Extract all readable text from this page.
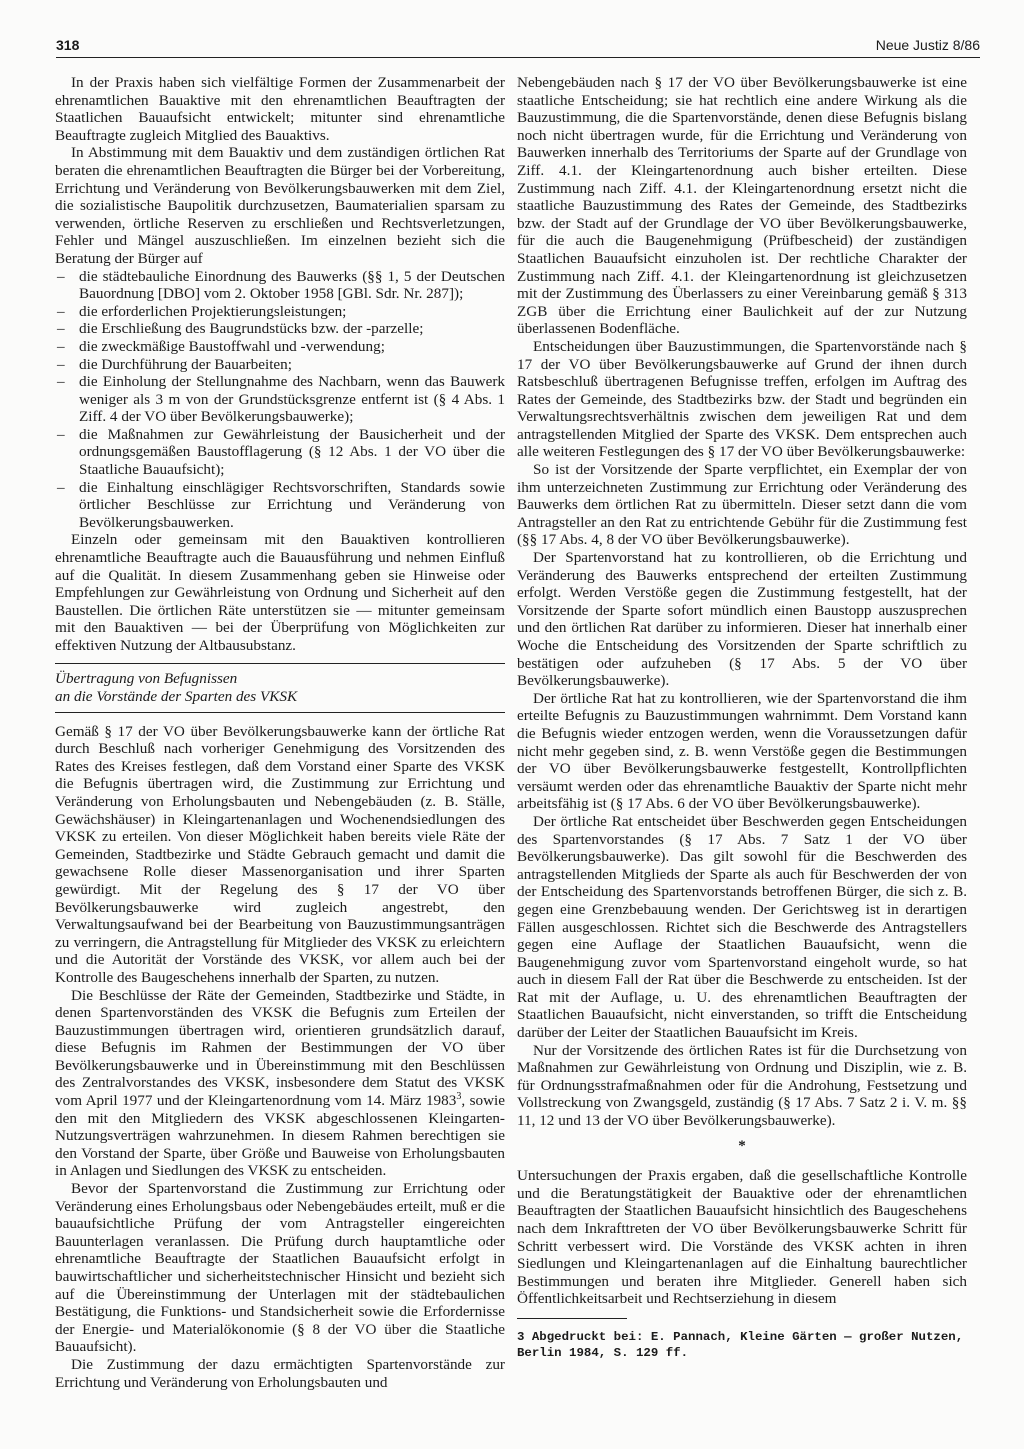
318	Neue Justiz 8/86

In der Praxis haben sich vielfältige Formen der Zusammenarbeit der ehrenamtlichen Bauaktive mit den ehrenamtlichen Beauftragten der Staatlichen Bauaufsicht entwickelt; mitunter sind ehrenamtliche Beauftragte zugleich Mitglied des Bauaktivs.

In Abstimmung mit dem Bauaktiv und dem zuständigen örtlichen Rat beraten die ehrenamtlichen Beauftragten die Bürger bei der Vorbereitung, Errichtung und Veränderung von Bevölkerungsbauwerken mit dem Ziel, die sozialistische Baupolitik durchzusetzen, Baumaterialien sparsam zu verwenden, örtliche Reserven zu erschließen und Rechtsverletzungen, Fehler und Mängel auszuschließen. Im einzelnen bezieht sich die Beratung der Bürger auf

– die städtebauliche Einordnung des Bauwerks (§§ 1, 5 der Deutschen Bauordnung [DBO] vom 2. Oktober 1958 [GBl. Sdr. Nr. 287]);
– die erforderlichen Projektierungsleistungen;
– die Erschließung des Baugrundstücks bzw. der -parzelle;
– die zweckmäßige Baustoffwahl und -verwendung;
– die Durchführung der Bauarbeiten;
– die Einholung der Stellungnahme des Nachbarn, wenn das Bauwerk weniger als 3 m von der Grundstücksgrenze entfernt ist (§ 4 Abs. 1 Ziff. 4 der VO über Bevölkerungsbauwerke);
– die Maßnahmen zur Gewährleistung der Bausicherheit und der ordnungsgemäßen Baustofflagerung (§ 12 Abs. 1 der VO über die Staatliche Bauaufsicht);
– die Einhaltung einschlägiger Rechtsvorschriften, Standards sowie örtlicher Beschlüsse zur Errichtung und Veränderung von Bevölkerungsbauwerken.

Einzeln oder gemeinsam mit den Bauaktiven kontrollieren ehrenamtliche Beauftragte auch die Bauausführung und nehmen Einfluß auf die Qualität. In diesem Zusammenhang geben sie Hinweise oder Empfehlungen zur Gewährleistung von Ordnung und Sicherheit auf den Baustellen. Die örtlichen Räte unterstützen sie — mitunter gemeinsam mit den Bauaktiven — bei der Überprüfung von Möglichkeiten zur effektiven Nutzung der Altbausubstanz.

Übertragung von Befugnissen
an die Vorstände der Sparten des VKSK

Gemäß § 17 der VO über Bevölkerungsbauwerke kann der örtliche Rat durch Beschluß nach vorheriger Genehmigung des Vorsitzenden des Rates des Kreises festlegen, daß dem Vorstand einer Sparte des VKSK die Befugnis übertragen wird, die Zustimmung zur Errichtung und Veränderung von Erholungsbauten und Nebengebäuden (z. B. Ställe, Gewächshäuser) in Kleingartenanlagen und Wochenendsiedlungen des VKSK zu erteilen. Von dieser Möglichkeit haben bereits viele Räte der Gemeinden, Stadtbezirke und Städte Gebrauch gemacht und damit die gewachsene Rolle dieser Massenorganisation und ihrer Sparten gewürdigt. Mit der Regelung des § 17 der VO über Bevölkerungsbauwerke wird zugleich angestrebt, den Verwaltungsaufwand bei der Bearbeitung von Bauzustimmungsanträgen zu verringern, die Antragstellung für Mitglieder des VKSK zu erleichtern und die Autorität der Vorstände des VKSK, vor allem auch bei der Kontrolle des Baugeschehens innerhalb der Sparten, zu nutzen.

Die Beschlüsse der Räte der Gemeinden, Stadtbezirke und Städte, in denen Spartenvorständen des VKSK die Befugnis zum Erteilen der Bauzustimmungen übertragen wird, orientieren grundsätzlich darauf, diese Befugnis im Rahmen der Bestimmungen der VO über Bevölkerungsbauwerke und in Übereinstimmung mit den Beschlüssen des Zentralvorstandes des VKSK, insbesondere dem Statut des VKSK vom April 1977 und der Kleingartenordnung vom 14. März 1983$^3$, sowie den mit den Mitgliedern des VKSK abgeschlossenen Kleingarten-Nutzungsverträgen wahrzunehmen. In diesem Rahmen berechtigen sie den Vorstand der Sparte, über Größe und Bauweise von Erholungsbauten in Anlagen und Siedlungen des VKSK zu entscheiden.

Bevor der Spartenvorstand die Zustimmung zur Errichtung oder Veränderung eines Erholungsbaus oder Nebengebäudes erteilt, muß er die bauaufsichtliche Prüfung der vom Antragsteller eingereichten Bauunterlagen veranlassen. Die Prüfung durch hauptamtliche oder ehrenamtliche Beauftragte der Staatlichen Bauaufsicht erfolgt in bauwirtschaftlicher und sicherheitstechnischer Hinsicht und bezieht sich auf die Übereinstimmung der Unterlagen mit der städtebaulichen Bestätigung, die Funktions- und Standsicherheit sowie die Erfordernisse der Energie- und Materialökonomie (§ 8 der VO über die Staatliche Bauaufsicht).

Die Zustimmung der dazu ermächtigten Spartenvorstände zur Errichtung und Veränderung von Erholungsbauten und

Nebengebäuden nach § 17 der VO über Bevölkerungsbauwerke ist eine staatliche Entscheidung; sie hat rechtlich eine andere Wirkung als die Bauzustimmung, die die Spartenvorstände, denen diese Befugnis bislang noch nicht übertragen wurde, für die Errichtung und Veränderung von Bauwerken innerhalb des Territoriums der Sparte auf der Grundlage von Ziff. 4.1. der Kleingartenordnung auch bisher erteilten. Diese Zustimmung nach Ziff. 4.1. der Kleingartenordnung ersetzt nicht die staatliche Bauzustimmung des Rates der Gemeinde, des Stadtbezirks bzw. der Stadt auf der Grundlage der VO über Bevölkerungsbauwerke, für die auch die Baugenehmigung (Prüfbescheid) der zuständigen Staatlichen Bauaufsicht einzuholen ist. Der rechtliche Charakter der Zustimmung nach Ziff. 4.1. der Kleingartenordnung ist gleichzusetzen mit der Zustimmung des Überlassers zu einer Vereinbarung gemäß § 313 ZGB über die Errichtung einer Baulichkeit auf der zur Nutzung überlassenen Bodenfläche.

Entscheidungen über Bauzustimmungen, die Spartenvorstände nach § 17 der VO über Bevölkerungsbauwerke auf Grund der ihnen durch Ratsbeschluß übertragenen Befugnisse treffen, erfolgen im Auftrag des Rates der Gemeinde, des Stadtbezirks bzw. der Stadt und begründen ein Verwaltungsrechtsverhältnis zwischen dem jeweiligen Rat und dem antragstellenden Mitglied der Sparte des VKSK. Dem entsprechen auch alle weiteren Festlegungen des § 17 der VO über Bevölkerungsbauwerke:

So ist der Vorsitzende der Sparte verpflichtet, ein Exemplar der von ihm unterzeichneten Zustimmung zur Errichtung oder Veränderung des Bauwerks dem örtlichen Rat zu übermitteln. Dieser setzt dann die vom Antragsteller an den Rat zu entrichtende Gebühr für die Zustimmung fest (§§ 17 Abs. 4, 8 der VO über Bevölkerungsbauwerke).

Der Spartenvorstand hat zu kontrollieren, ob die Errichtung und Veränderung des Bauwerks entsprechend der erteilten Zustimmung erfolgt. Werden Verstöße gegen die Zustimmung festgestellt, hat der Vorsitzende der Sparte sofort mündlich einen Baustopp auszusprechen und den örtlichen Rat darüber zu informieren. Dieser hat innerhalb einer Woche die Entscheidung des Vorsitzenden der Sparte schriftlich zu bestätigen oder aufzuheben (§ 17 Abs. 5 der VO über Bevölkerungsbauwerke).

Der örtliche Rat hat zu kontrollieren, wie der Spartenvorstand die ihm erteilte Befugnis zu Bauzustimmungen wahrnimmt. Dem Vorstand kann die Befugnis wieder entzogen werden, wenn die Voraussetzungen dafür nicht mehr gegeben sind, z. B. wenn Verstöße gegen die Bestimmungen der VO über Bevölkerungsbauwerke festgestellt, Kontrollpflichten versäumt werden oder das ehrenamtliche Bauaktiv der Sparte nicht mehr arbeitsfähig ist (§ 17 Abs. 6 der VO über Bevölkerungsbauwerke).

Der örtliche Rat entscheidet über Beschwerden gegen Entscheidungen des Spartenvorstandes (§ 17 Abs. 7 Satz 1 der VO über Bevölkerungsbauwerke). Das gilt sowohl für die Beschwerden des antragstellenden Mitglieds der Sparte als auch für Beschwerden der von der Entscheidung des Spartenvorstands betroffenen Bürger, die sich z. B. gegen eine Grenzbebauung wenden. Der Gerichtsweg ist in derartigen Fällen ausgeschlossen. Richtet sich die Beschwerde des Antragstellers gegen eine Auflage der Staatlichen Bauaufsicht, wenn die Baugenehmigung zuvor vom Spartenvorstand eingeholt wurde, so hat auch in diesem Fall der Rat über die Beschwerde zu entscheiden. Ist der Rat mit der Auflage, u. U. des ehrenamtlichen Beauftragten der Staatlichen Bauaufsicht, nicht einverstanden, so trifft die Entscheidung darüber der Leiter der Staatlichen Bauaufsicht im Kreis.

Nur der Vorsitzende des örtlichen Rates ist für die Durchsetzung von Maßnahmen zur Gewährleistung von Ordnung und Disziplin, wie z. B. für Ordnungsstrafmaßnahmen oder für die Androhung, Festsetzung und Vollstreckung von Zwangsgeld, zuständig (§ 17 Abs. 7 Satz 2 i. V. m. §§ 11, 12 und 13 der VO über Bevölkerungsbauwerke).

*

Untersuchungen der Praxis ergaben, daß die gesellschaftliche Kontrolle und die Beratungstätigkeit der Bauaktive oder der ehrenamtlichen Beauftragten der Staatlichen Bauaufsicht hinsichtlich des Baugeschehens nach dem Inkrafttreten der VO über Bevölkerungsbauwerke Schritt für Schritt verbessert wird. Die Vorstände des VKSK achten in ihren Siedlungen und Kleingartenanlagen auf die Einhaltung baurechtlicher Bestimmungen und beraten ihre Mitglieder. Generell haben sich Öffentlichkeitsarbeit und Rechtserziehung in diesem

3 Abgedruckt bei: E. Pannach, Kleine Gärten — großer Nutzen, Berlin 1984, S. 129 ff.
